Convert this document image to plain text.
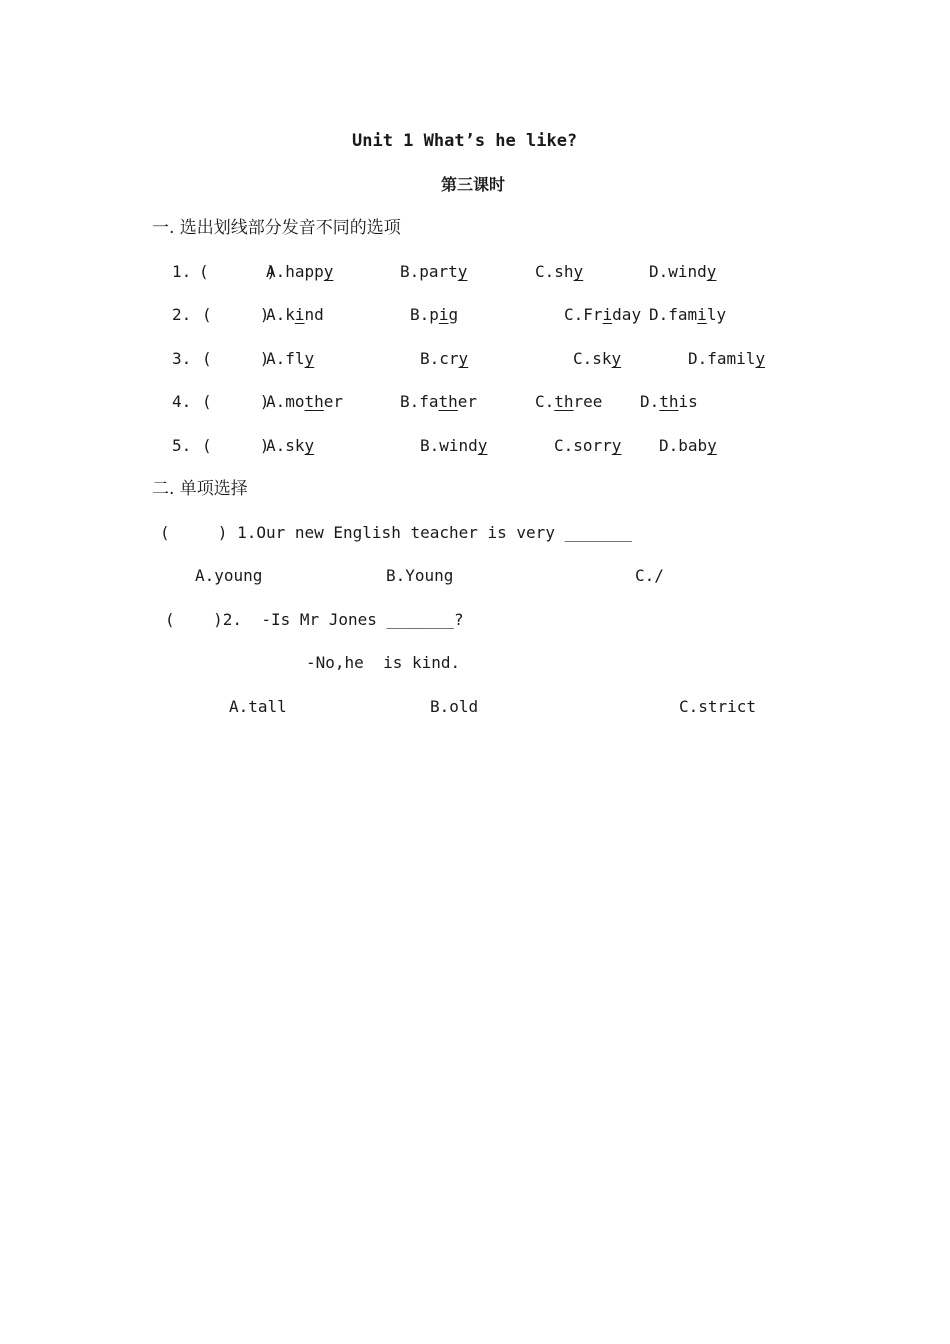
Unit 1 What’s he like?
第三课时
一. 选出划线部分发音不同的选项
1. (      )
A.happy	B.party	C.shy	D.windy
2. (     )
A.kind	B.pig	C.Friday D.family
3. (     )
A.fly	B.cry	C.sky	D.family
4. (     )
A.mother	B.father	C.three D.this
5. (     )
A.sky	B.windy	C.sorry D.baby
二. 单项选择
(     ) 1.Our new English teacher is very _______
A.young	B.Young	C./
(    )2.  -Is Mr Jones _______?
-No,he  is kind.
A.tall	B.old	C.strict
